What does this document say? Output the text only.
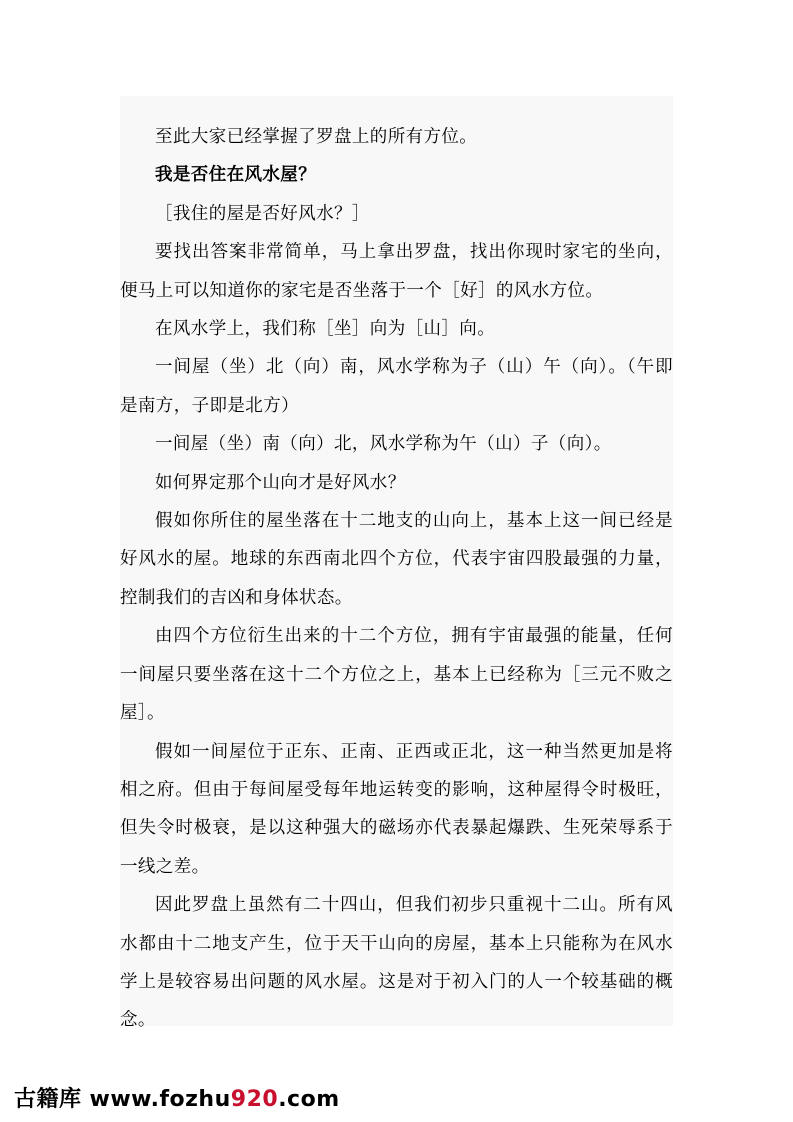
至此大家已经掌握了罗盘上的所有方位。

我是否住在风水屋？

［我住的屋是否好风水？］

要找出答案非常简单，马上拿出罗盘，找出你现时家宅的坐向，便马上可以知道你的家宅是否坐落于一个［好］的风水方位。

在风水学上，我们称［坐］向为［山］向。

一间屋（坐）北（向）南，风水学称为子（山）午（向）。（午即是南方，子即是北方）

一间屋（坐）南（向）北，风水学称为午（山）子（向）。

如何界定那个山向才是好风水？

假如你所住的屋坐落在十二地支的山向上，基本上这一间已经是好风水的屋。地球的东西南北四个方位，代表宇宙四股最强的力量，控制我们的吉凶和身体状态。

由四个方位衍生出来的十二个方位，拥有宇宙最强的能量，任何一间屋只要坐落在这十二个方位之上，基本上已经称为［三元不败之屋］。

假如一间屋位于正东、正南、正西或正北，这一种当然更加是将相之府。但由于每间屋受每年地运转变的影响，这种屋得令时极旺，但失令时极衰，是以这种强大的磁场亦代表暴起爆跌、生死荣辱系于一线之差。

因此罗盘上虽然有二十四山，但我们初步只重视十二山。所有风水都由十二地支产生，位于天干山向的房屋，基本上只能称为在风水学上是较容易出问题的风水屋。这是对于初入门的人一个较基础的概念。

古籍库 www.fozhu920.com
